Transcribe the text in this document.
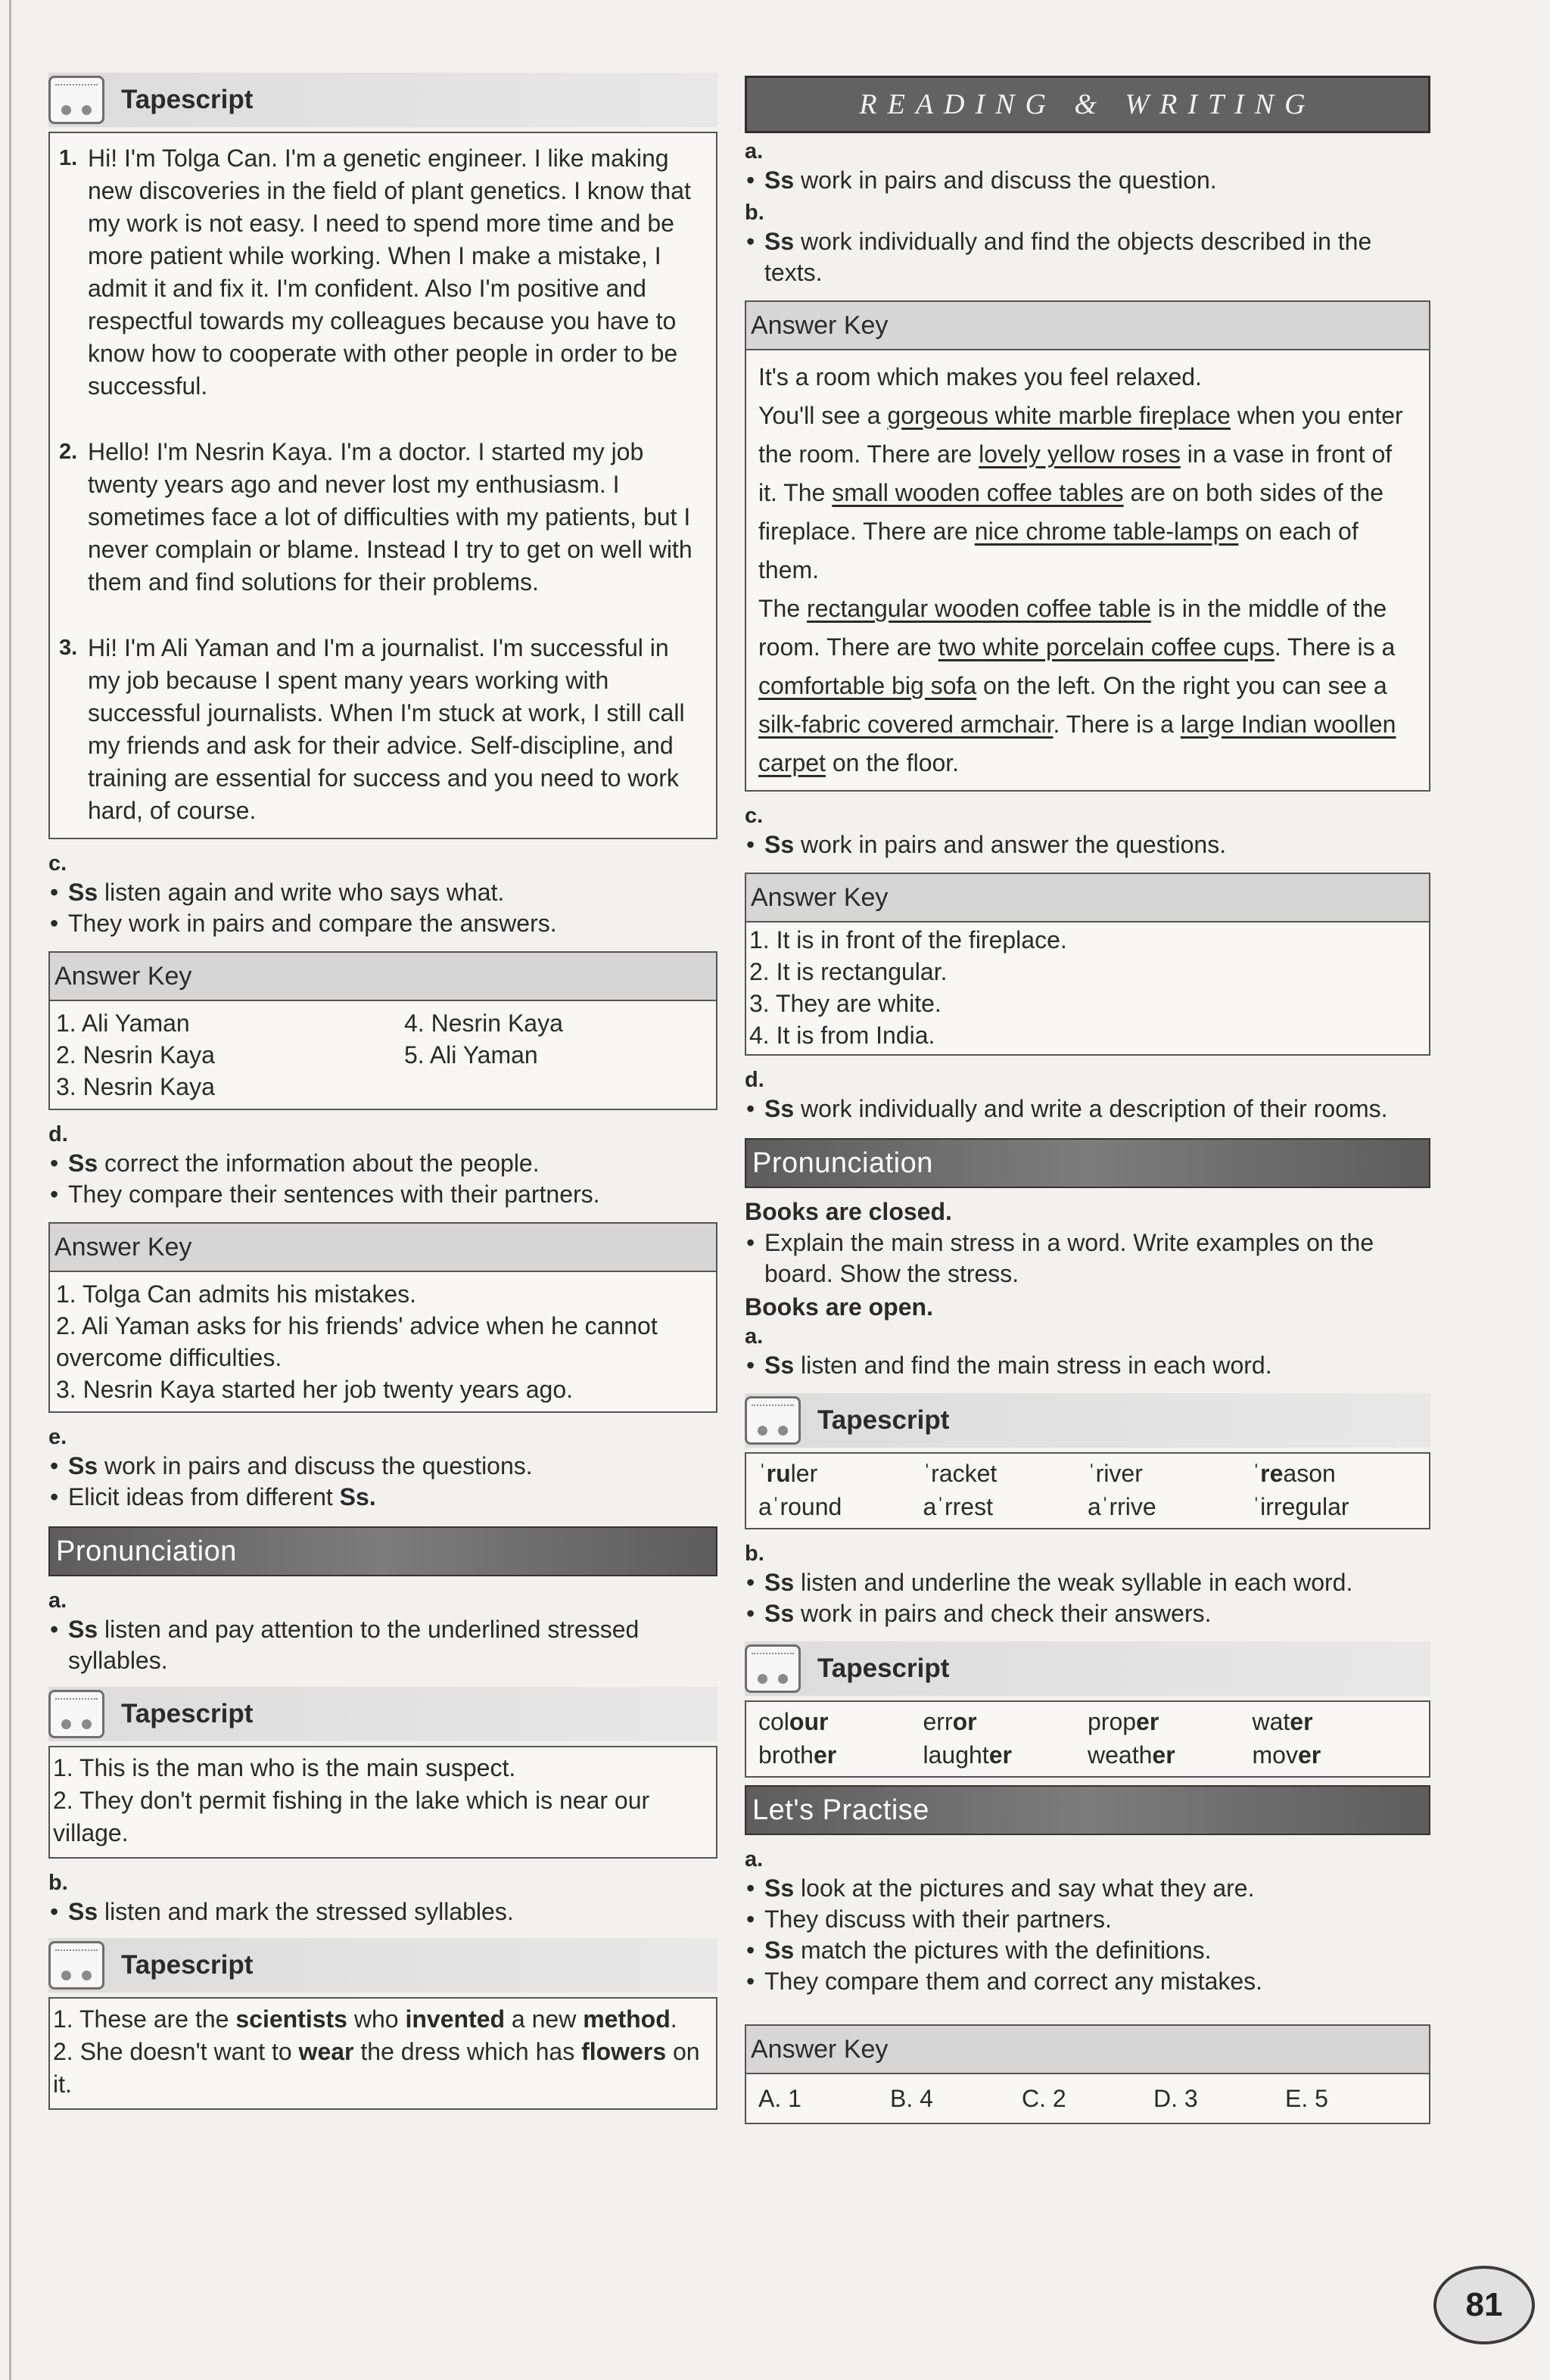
Tapescript
1. Hi! I'm Tolga Can. I'm a genetic engineer. I like making new discoveries in the field of plant genetics. I know that my work is not easy. I need to spend more time and be more patient while working. When I make a mistake, I admit it and fix it. I'm confident. Also I'm positive and respectful towards my colleagues because you have to know how to cooperate with other people in order to be successful.
2. Hello! I'm Nesrin Kaya. I'm a doctor. I started my job twenty years ago and never lost my enthusiasm. I sometimes face a lot of difficulties with my patients, but I never complain or blame. Instead I try to get on well with them and find solutions for their problems.
3. Hi! I'm Ali Yaman and I'm a journalist. I'm successful in my job because I spent many years working with successful journalists. When I'm stuck at work, I still call my friends and ask for their advice. Self-discipline, and training are essential for success and you need to work hard, of course.
c.
• Ss listen again and write who says what.
• They work in pairs and compare the answers.
Answer Key
1. Ali Yaman
2. Nesrin Kaya
3. Nesrin Kaya
4. Nesrin Kaya
5. Ali Yaman
d.
• Ss correct the information about the people.
• They compare their sentences with their partners.
Answer Key
1. Tolga Can admits his mistakes.
2. Ali Yaman asks for his friends' advice when he cannot overcome difficulties.
3. Nesrin Kaya started her job twenty years ago.
e.
• Ss work in pairs and discuss the questions.
• Elicit ideas from different Ss.
Pronunciation
a.
• Ss listen and pay attention to the underlined stressed syllables.
Tapescript
1. This is the man who is the main suspect.
2. They don't permit fishing in the lake which is near our village.
b.
• Ss listen and mark the stressed syllables.
Tapescript
1. These are the scientists who invented a new method.
2. She doesn't want to wear the dress which has flowers on it.
READING & WRITING
a.
• Ss work in pairs and discuss the question.
b.
• Ss work individually and find the objects described in the texts.
Answer Key
It's a room which makes you feel relaxed.
You'll see a gorgeous white marble fireplace when you enter the room. There are lovely yellow roses in a vase in front of it. The small wooden coffee tables are on both sides of the fireplace. There are nice chrome table-lamps on each of them.
The rectangular wooden coffee table is in the middle of the room. There are two white porcelain coffee cups. There is a comfortable big sofa on the left. On the right you can see a silk-fabric covered armchair. There is a large Indian woollen carpet on the floor.
c.
• Ss work in pairs and answer the questions.
Answer Key
1. It is in front of the fireplace.
2. It is rectangular.
3. They are white.
4. It is from India.
d.
• Ss work individually and write a description of their rooms.
Pronunciation
Books are closed.
• Explain the main stress in a word. Write examples on the board. Show the stress.
Books are open.
a.
• Ss listen and find the main stress in each word.
Tapescript
ˈruler	ˈracket	ˈriver	ˈreason
aˈround	aˈrrest	aˈrrive	ˈirregular
b.
• Ss listen and underline the weak syllable in each word.
• Ss work in pairs and check their answers.
Tapescript
colour	error	proper	water
brother	laughter	weather	mover
Let's Practise
a.
• Ss look at the pictures and say what they are.
• They discuss with their partners.
• Ss match the pictures with the definitions.
• They compare them and correct any mistakes.
Answer Key
A. 1	B. 4	C. 2	D. 3	E. 5
81
